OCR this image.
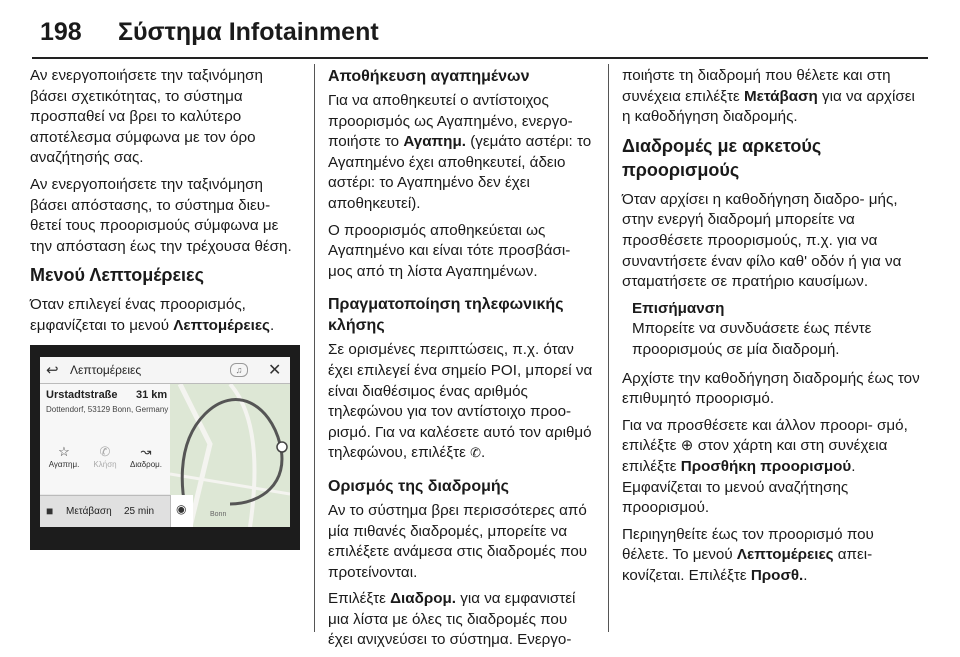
198 Σύστημα Infotainment

Αν ενεργοποιήσετε την ταξινόμηση βάσει σχετικότητας, το σύστημα προσπαθεί να βρει το καλύτερο αποτέλεσμα σύμφωνα με τον όρο αναζήτησής σας.

Αν ενεργοποιήσετε την ταξινόμηση βάσει απόστασης, το σύστημα διευ- θετεί τους προορισμούς σύμφωνα με την απόσταση έως την τρέχουσα θέση.

Μενού Λεπτομέρειες

Όταν επιλεγεί ένας προορισμός, εμφανίζεται το μενού Λεπτομέρειες.

↩ Λεπτομέρειες	♫	✕
Urstadtstraße 31 km
Dottendorf, 53129 Bonn, Germany
☆
Αγαπημ.
✆
Κλήση
↝
Διαδρομ.
Bonn
■ Μετάβαση 25 min ◉
Αποθήκευση αγαπημένων

Για να αποθηκευτεί ο αντίστοιχος προορισμός ως Αγαπημένο, ενεργο- ποιήστε το Αγαπημ. (γεμάτο αστέρι: το Αγαπημένο έχει αποθηκευτεί, άδειο αστέρι: το Αγαπημένο δεν έχει αποθηκευτεί).

Ο προορισμός αποθηκεύεται ως Αγαπημένο και είναι τότε προσβάσι- μος από τη λίστα Αγαπημένων.

Πραγματοποίηση τηλεφωνικής κλήσης

Σε ορισμένες περιπτώσεις, π.χ. όταν έχει επιλεγεί ένα σημείο POI, μπορεί να είναι διαθέσιμος ένας αριθμός τηλεφώνου για τον αντίστοιχο προο- ρισμό. Για να καλέσετε αυτό τον αριθμό τηλεφώνου, επιλέξτε ✆.

Ορισμός της διαδρομής

Αν το σύστημα βρει περισσότερες από μία πιθανές διαδρομές, μπορείτε να επιλέξετε ανάμεσα στις διαδρομές που προτείνονται.

Επιλέξτε Διαδρομ. για να εμφανιστεί μια λίστα με όλες τις διαδρομές που έχει ανιχνεύσει το σύστημα. Ενεργο-

ποιήστε τη διαδρομή που θέλετε και στη συνέχεια επιλέξτε Μετάβαση για να αρχίσει η καθοδήγηση διαδρομής.

Διαδρομές με αρκετούς προορισμούς

Όταν αρχίσει η καθοδήγηση διαδρο- μής, στην ενεργή διαδρομή μπορείτε να προσθέσετε προορισμούς, π.χ. για να συναντήσετε έναν φίλο καθ' οδόν ή για να σταματήσετε σε πρατήριο καυσίμων.

Επισήμανση
Μπορείτε να συνδυάσετε έως πέντε προορισμούς σε μία διαδρομή.

Αρχίστε την καθοδήγηση διαδρομής έως τον επιθυμητό προορισμό.

Για να προσθέσετε και άλλον προορι- σμό, επιλέξτε ⊕ στον χάρτη και στη συνέχεια επιλέξτε Προσθήκη προορισμού. Εμφανίζεται το μενού αναζήτησης προορισμού.

Περιηγηθείτε έως τον προορισμό που θέλετε. Το μενού Λεπτομέρειες απει- κονίζεται. Επιλέξτε Προσθ..
